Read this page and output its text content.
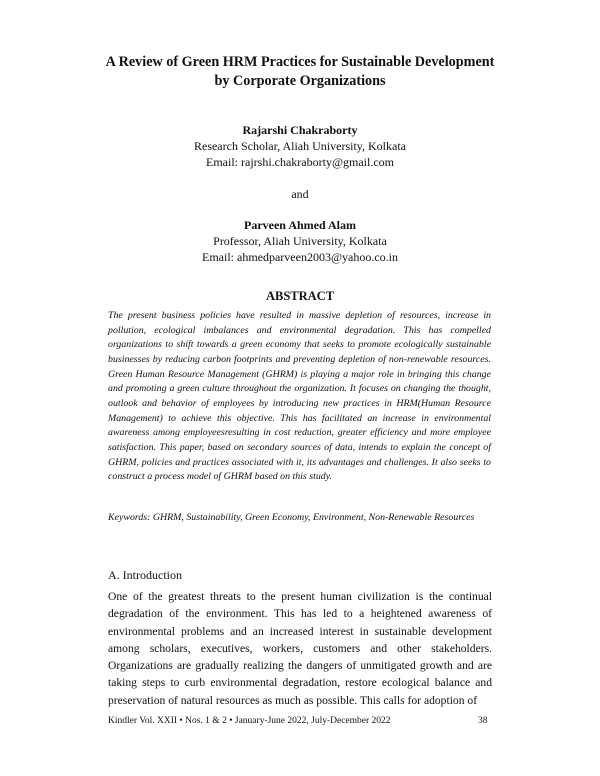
A Review of Green HRM Practices for Sustainable Development
by Corporate Organizations
Rajarshi Chakraborty
Research Scholar, Aliah University, Kolkata
Email: rajrshi.chakraborty@gmail.com
and
Parveen Ahmed Alam
Professor, Aliah University, Kolkata
Email: ahmedparveen2003@yahoo.co.in
ABSTRACT
The present business policies have resulted in massive depletion of resources, increase in pollution, ecological imbalances and environmental degradation. This has compelled organizations to shift towards a green economy that seeks to promote ecologically sustainable businesses by reducing carbon footprints and preventing depletion of non-renewable resources. Green Human Resource Management (GHRM) is playing a major role in bringing this change and promoting a green culture throughout the organization. It focuses on changing the thought, outlook and behavior of employees by introducing new practices in HRM(Human Resource Management) to achieve this objective. This has facilitated an increase in environmental awareness among employeesresulting in cost reduction, greater efficiency and more employee satisfaction. This paper, based on secondary sources of data, intends to explain the concept of GHRM, policies and practices associated with it, its advantages and challenges. It also seeks to construct a process model of GHRM based on this study.
Keywords: GHRM, Sustainability, Green Economy, Environment, Non-Renewable Resources
A. Introduction
One of the greatest threats to the present human civilization is the continual degradation of the environment. This has led to a heightened awareness of environmental problems and an increased interest in sustainable development among scholars, executives, workers, customers and other stakeholders. Organizations are gradually realizing the dangers of unmitigated growth and are taking steps to curb environmental degradation, restore ecological balance and preservation of natural resources as much as possible. This calls for adoption of
Kindler Vol. XXII • Nos. 1 & 2 • January-June 2022, July-December 2022	38
